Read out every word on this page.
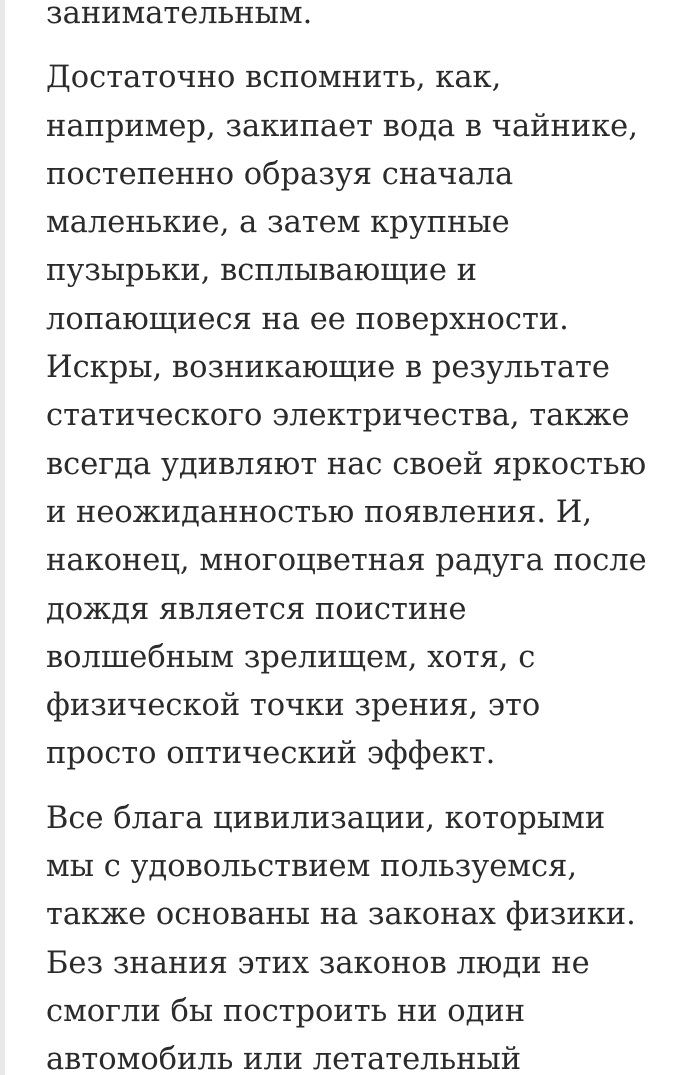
занимательным.

Достаточно вспомнить, как,
например, закипает вода в чайнике,
постепенно образуя сначала
маленькие, а затем крупные
пузырьки, всплывающие и
лопающиеся на ее поверхности.
Искры, возникающие в результате
статического электричества, также
всегда удивляют нас своей яркостью
и неожиданностью появления. И,
наконец, многоцветная радуга после
дождя является поистине
волшебным зрелищем, хотя, с
физической точки зрения, это
просто оптический эффект.

Все блага цивилизации, которыми
мы с удовольствием пользуемся,
также основаны на законах физики.
Без знания этих законов люди не
смогли бы построить ни один
автомобиль или летательный
